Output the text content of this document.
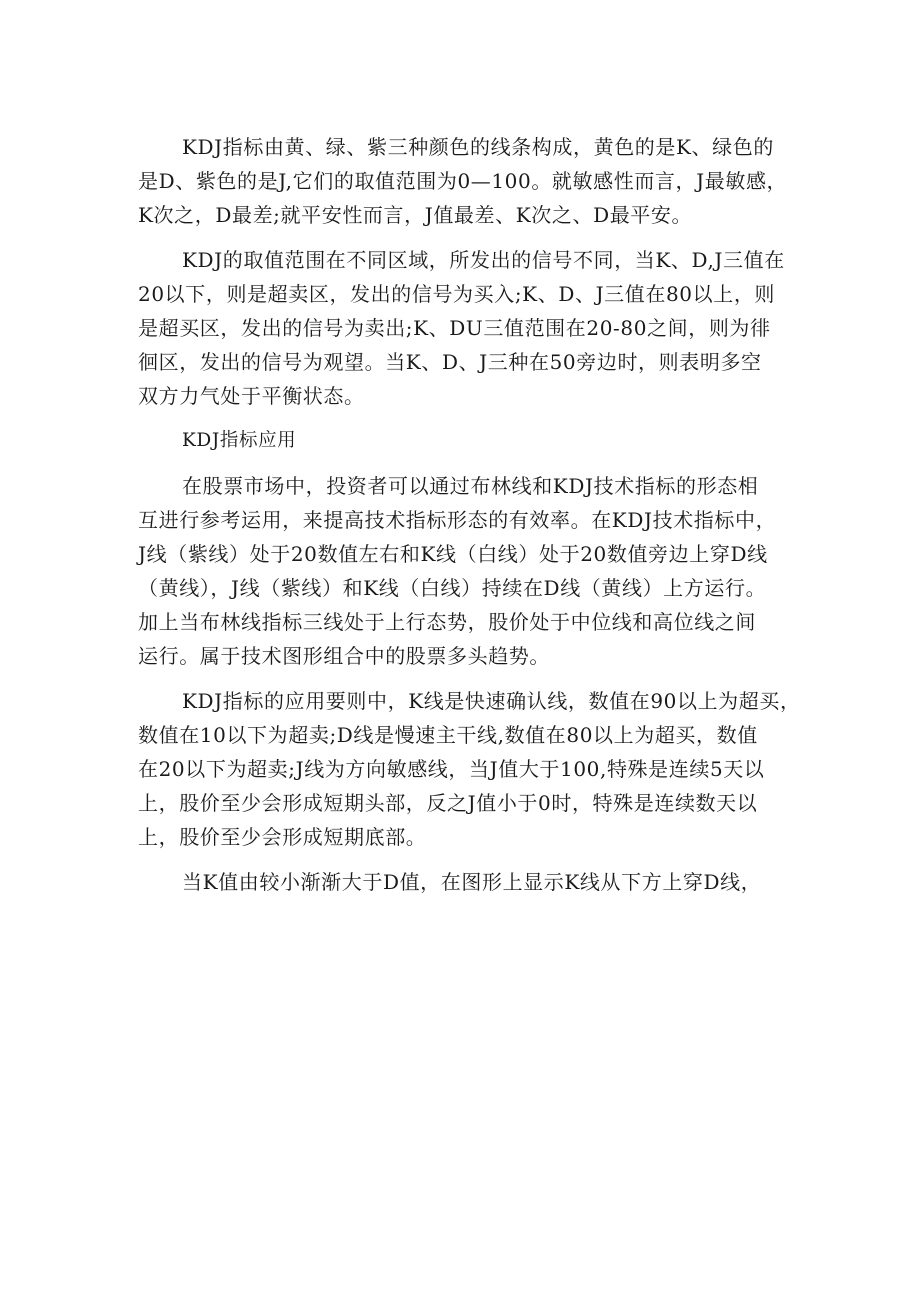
KDJ指标由黄、绿、紫三种颜色的线条构成，黄色的是K、绿色的
是D、紫色的是J,它们的取值范围为0—100。就敏感性而言，J最敏感，
K次之，D最差;就平安性而言，J值最差、K次之、D最平安。

KDJ的取值范围在不同区域，所发出的信号不同，当K、D,J三值在
20以下，则是超卖区，发出的信号为买入;K、D、J三值在80以上，则
是超买区，发出的信号为卖出;K、DU三值范围在20-80之间，则为徘
徊区，发出的信号为观望。当K、D、J三种在50旁边时，则表明多空
双方力气处于平衡状态。

KDJ指标应用

在股票市场中，投资者可以通过布林线和KDJ技术指标的形态相
互进行参考运用，来提高技术指标形态的有效率。在KDJ技术指标中，
J线（紫线）处于20数值左右和K线（白线）处于20数值旁边上穿D线
（黄线），J线（紫线）和K线（白线）持续在D线（黄线）上方运行。
加上当布林线指标三线处于上行态势，股价处于中位线和高位线之间
运行。属于技术图形组合中的股票多头趋势。

KDJ指标的应用要则中，K线是快速确认线，数值在90以上为超买，
数值在10以下为超卖;D线是慢速主干线,数值在80以上为超买，数值
在20以下为超卖;J线为方向敏感线，当J值大于100,特殊是连续5天以
上，股价至少会形成短期头部，反之J值小于0时，特殊是连续数天以
上，股价至少会形成短期底部。

当K值由较小渐渐大于D值，在图形上显示K线从下方上穿D线，
